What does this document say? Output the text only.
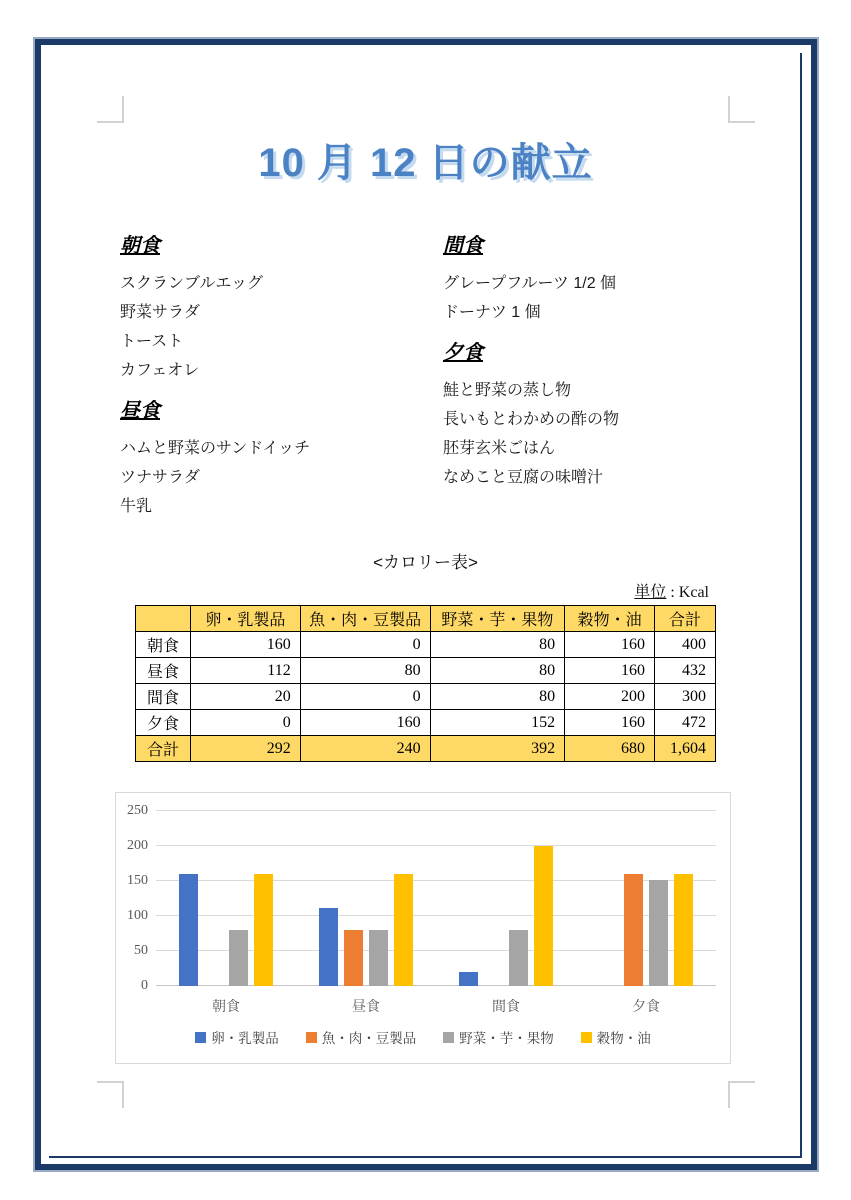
10 月 12 日の献立
朝食
スクランブルエッグ
野菜サラダ
トースト
カフェオレ
昼食
ハムと野菜のサンドイッチ
ツナサラダ
牛乳
間食
グレープフルーツ 1/2 個
ドーナツ 1 個
夕食
鮭と野菜の蒸し物
長いもとわかめの酢の物
胚芽玄米ごはん
なめこと豆腐の味噌汁
<カロリー表>
単位 : Kcal
	卵・乳製品	魚・肉・豆製品	野菜・芋・果物	穀物・油	合計
朝食	160	0	80	160	400
昼食	112	80	80	160	432
間食	20	0	80	200	300
夕食	0	160	152	160	472
合計	292	240	392	680	1,604
0
50
100
150
200
250
朝食	昼食	間食	夕食
卵・乳製品	魚・肉・豆製品	野菜・芋・果物	穀物・油
